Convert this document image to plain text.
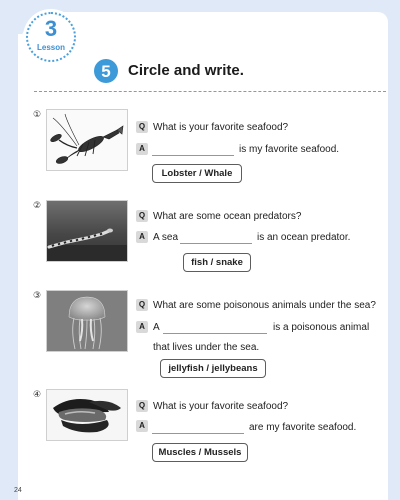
3
Lesson
5	Circle and write.
①
Q What is your favorite seafood?
A	is my favorite seafood.
Lobster / Whale
②
Q What are some ocean predators?
A A sea	is an ocean predator.
fish / snake
③
Q What are some poisonous animals under the sea?
A A	is a poisonous animal
that lives under the sea.
jellyfish / jellybeans
④
Q What is your favorite seafood?
A	are my favorite seafood.
Muscles / Mussels
24
